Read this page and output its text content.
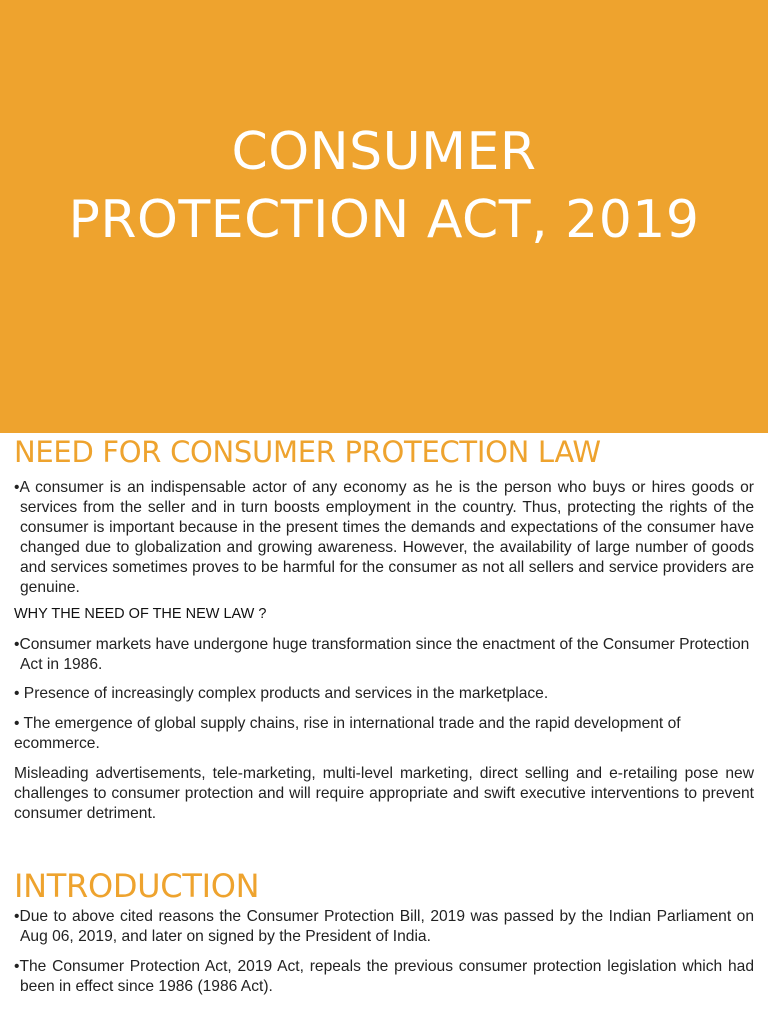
CONSUMER
PROTECTION ACT, 2019
NEED FOR CONSUMER PROTECTION LAW

•A consumer is an indispensable actor of any economy as he is the person who buys or hires goods or services from the seller and in turn boosts employment in the country. Thus, protecting the rights of the consumer is important because in the present times the demands and expectations of the consumer have changed due to globalization and growing awareness. However, the availability of large number of goods and services sometimes proves to be harmful for the consumer as not all sellers and service providers are genuine.

WHY THE NEED OF THE NEW LAW ?

•Consumer markets have undergone huge transformation since the enactment of the Consumer Protection Act in 1986.

• Presence of increasingly complex products and services in the marketplace.

• The emergence of global supply chains, rise in international trade and the rapid development of ecommerce.

Misleading advertisements, tele-marketing, multi-level marketing, direct selling and e-retailing pose new challenges to consumer protection and will require appropriate and swift executive interventions to prevent consumer detriment.

INTRODUCTION

•Due to above cited reasons the Consumer Protection Bill, 2019 was passed by the Indian Parliament on Aug 06, 2019, and later on signed by the President of India.

•The Consumer Protection Act, 2019 Act, repeals the previous consumer protection legislation which had been in effect since 1986 (1986 Act).
